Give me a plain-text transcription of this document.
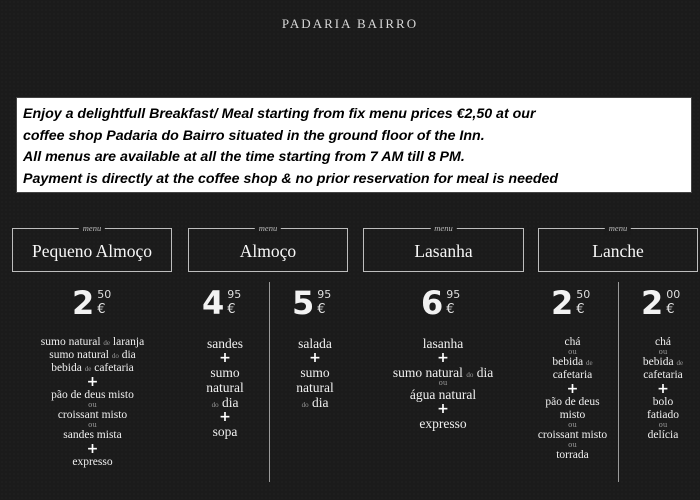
PADARIA BAIRRO
Enjoy a delightfull Breakfast/ Meal starting from fix menu prices €2,50 at our
coffee shop Padaria do Bairro situated in the ground floor of the Inn.
All menus are available at all the time starting from 7 AM till 8 PM.
Payment is directly at the coffee shop & no prior reservation for meal is needed
menu
Pequeno Almoço
menu
Almoço
menu
Lasanha
menu
Lanche
2 50
€	4 95
€ 5 95
€	6 95
€	2 50
€ 2 00
€
sumo natural de laranja
sumo natural do dia
bebida de cafetaria
+
pão de deus misto
ou
croissant misto
ou
sandes mista
+
expresso
sandes
+
sumo
natural
do dia
+
sopa
salada
+
sumo
natural
do dia
lasanha
+
sumo natural do dia
ou
água natural
+
expresso
chá
ou
bebida de
cafetaria
+
pão de deus
misto
ou
croissant misto
ou
torrada
chá
ou
bebida de
cafetaria
+
bolo
fatiado
ou
delícia
